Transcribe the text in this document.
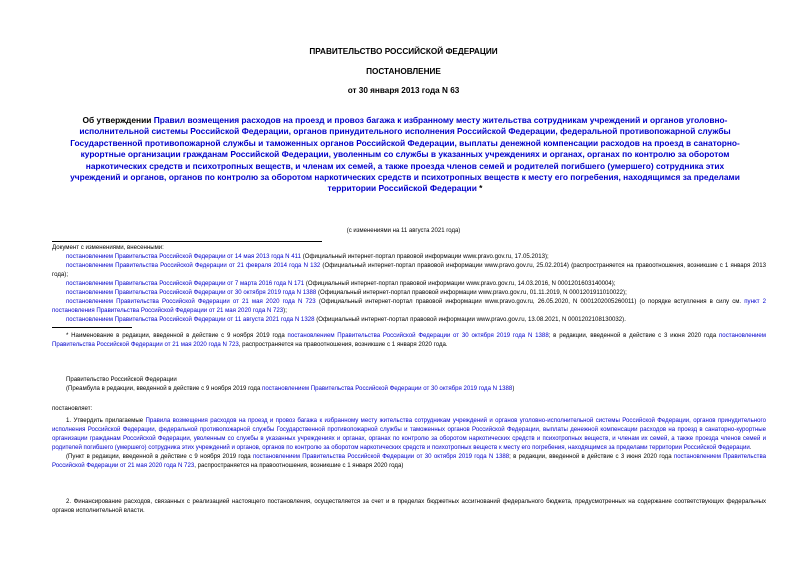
ПРАВИТЕЛЬСТВО РОССИЙСКОЙ ФЕДЕРАЦИИ
ПОСТАНОВЛЕНИЕ
от 30 января 2013 года N 63
Об утверждении Правил возмещения расходов на проезд и провоз багажа к избранному месту жительства сотрудникам учреждений и органов уголовно-исполнительной системы Российской Федерации, органов принудительного исполнения Российской Федерации, федеральной противопожарной службы Государственной противопожарной службы и таможенных органов Российской Федерации, выплаты денежной компенсации расходов на проезд в санаторно-курортные организации гражданам Российской Федерации, уволенным со службы в указанных учреждениях и органах, органах по контролю за оборотом наркотических средств и психотропных веществ, и членам их семей, а также проезда членов семей и родителей погибшего (умершего) сотрудника этих учреждений и органов, органов по контролю за оборотом наркотических средств и психотропных веществ к месту его погребения, находящимся за пределами территории Российской Федерации *
(с изменениями на 11 августа 2021 года)

Документ с изменениями, внесенными:

постановлением Правительства Российской Федерации от 14 мая 2013 года N 411 (Официальный интернет-портал правовой информации www.pravo.gov.ru, 17.05.2013);

постановлением Правительства Российской Федерации от 21 февраля 2014 года N 132 (Официальный интернет-портал правовой информации www.pravo.gov.ru, 25.02.2014) (распространяется на правоотношения, возникшие с 1 января 2013 года);

постановлением Правительства Российской Федерации от 7 марта 2016 года N 171 (Официальный интернет-портал правовой информации www.pravo.gov.ru, 14.03.2016, N 0001201603140004);

постановлением Правительства Российской Федерации от 30 октября 2019 года N 1388 (Официальный интернет-портал правовой информации www.pravo.gov.ru, 01.11.2019, N 0001201911010022);

постановлением Правительства Российской Федерации от 21 мая 2020 года N 723 (Официальный интернет-портал правовой информации www.pravo.gov.ru, 26.05.2020, N 0001202005260011) (о порядке вступления в силу см. пункт 2 постановления Правительства Российской Федерации от 21 мая 2020 года N 723);

постановлением Правительства Российской Федерации от 11 августа 2021 года N 1328 (Официальный интернет-портал правовой информации www.pravo.gov.ru, 13.08.2021, N 0001202108130032).

* Наименование в редакции, введенной в действие с 9 ноября 2019 года постановлением Правительства Российской Федерации от 30 октября 2019 года N 1388; в редакции, введенной в действие с 3 июня 2020 года постановлением Правительства Российской Федерации от 21 мая 2020 года N 723, распространяется на правоотношения, возникшие с 1 января 2020 года.

Правительство Российской Федерации

(Преамбула в редакции, введенной в действие с 9 ноября 2019 года постановлением Правительства Российской Федерации от 30 октября 2019 года N 1388)

постановляет:

1. Утвердить прилагаемые Правила возмещения расходов на проезд и провоз багажа к избранному месту жительства сотрудникам учреждений и органов уголовно-исполнительной системы Российской Федерации, органов принудительного исполнения Российской Федерации, федеральной противопожарной службы Государственной противопожарной службы и таможенных органов Российской Федерации, выплаты денежной компенсации расходов на проезд в санаторно-курортные организации гражданам Российской Федерации, уволенным со службы в указанных учреждениях и органах, органах по контролю за оборотом наркотических средств и психотропных веществ, и членам их семей, а также проезда членов семей и родителей погибшего (умершего) сотрудника этих учреждений и органов, органов по контролю за оборотом наркотических средств и психотропных веществ к месту его погребения, находящимся за пределами территории Российской Федерации.

(Пункт в редакции, введенной в действие с 9 ноября 2019 года постановлением Правительства Российской Федерации от 30 октября 2019 года N 1388; в редакции, введенной в действие с 3 июня 2020 года постановлением Правительства Российской Федерации от 21 мая 2020 года N 723, распространяется на правоотношения, возникшие с 1 января 2020 года)

2. Финансирование расходов, связанных с реализацией настоящего постановления, осуществляется за счет и в пределах бюджетных ассигнований федерального бюджета, предусмотренных на содержание соответствующих федеральных органов исполнительной власти.
